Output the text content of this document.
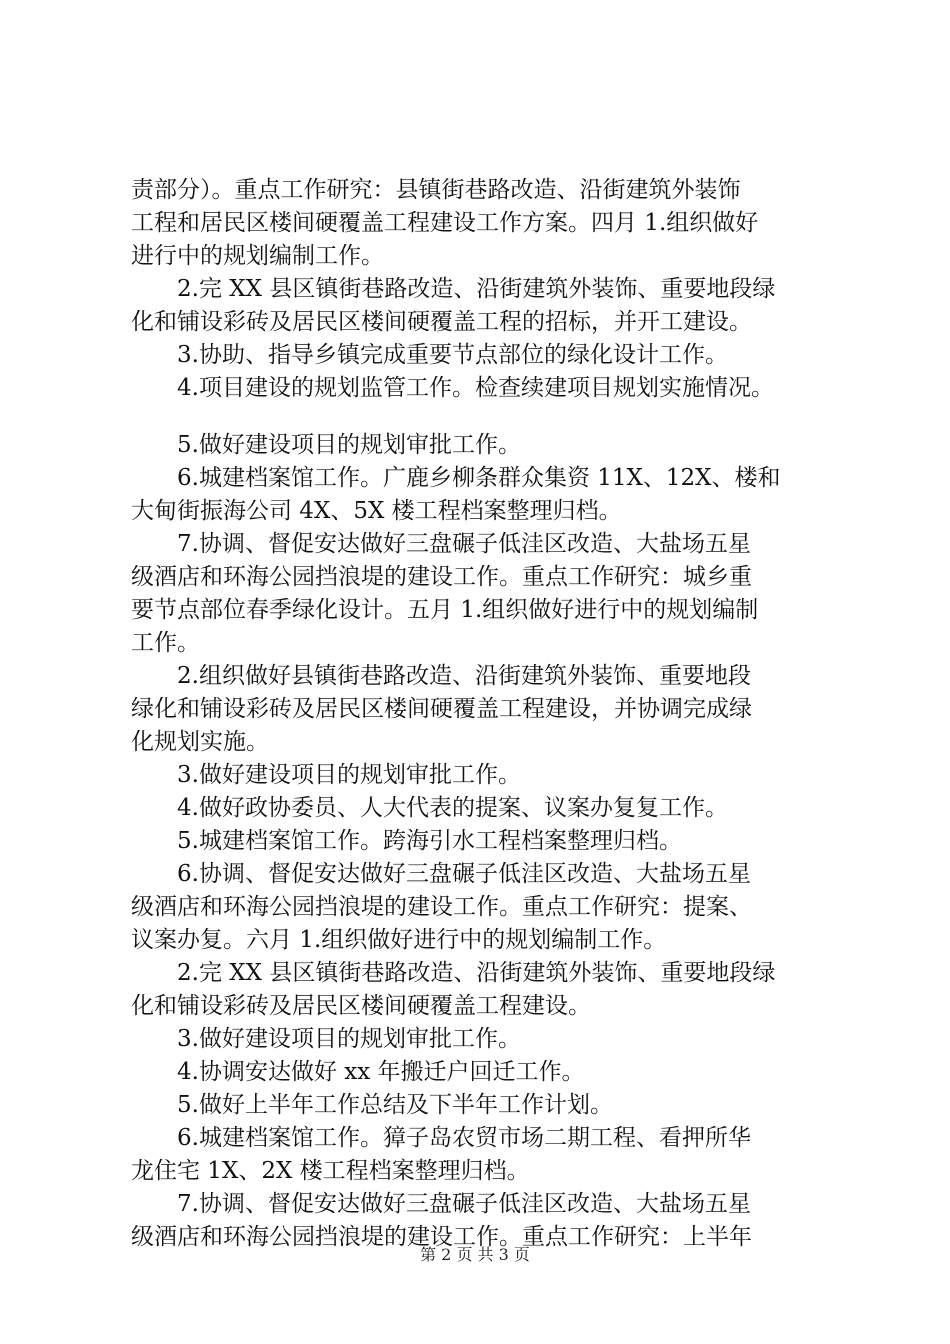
责部分）。重点工作研究：县镇街巷路改造、沿街建筑外装饰
工程和居民区楼间硬覆盖工程建设工作方案。四月 1.组织做好
进行中的规划编制工作。
2.完 XX 县区镇街巷路改造、沿街建筑外装饰、重要地段绿
化和铺设彩砖及居民区楼间硬覆盖工程的招标，并开工建设。
3.协助、指导乡镇完成重要节点部位的绿化设计工作。
4.项目建设的规划监管工作。检查续建项目规划实施情况。
5.做好建设项目的规划审批工作。
6.城建档案馆工作。广鹿乡柳条群众集资 11X、12X、楼和
大甸街振海公司 4X、5X 楼工程档案整理归档。
7.协调、督促安达做好三盘碾子低洼区改造、大盐场五星
级酒店和环海公园挡浪堤的建设工作。重点工作研究：城乡重
要节点部位春季绿化设计。五月 1.组织做好进行中的规划编制
工作。
2.组织做好县镇街巷路改造、沿街建筑外装饰、重要地段
绿化和铺设彩砖及居民区楼间硬覆盖工程建设，并协调完成绿
化规划实施。
3.做好建设项目的规划审批工作。
4.做好政协委员、人大代表的提案、议案办复复工作。
5.城建档案馆工作。跨海引水工程档案整理归档。
6.协调、督促安达做好三盘碾子低洼区改造、大盐场五星
级酒店和环海公园挡浪堤的建设工作。重点工作研究：提案、
议案办复。六月 1.组织做好进行中的规划编制工作。
2.完 XX 县区镇街巷路改造、沿街建筑外装饰、重要地段绿
化和铺设彩砖及居民区楼间硬覆盖工程建设。
3.做好建设项目的规划审批工作。
4.协调安达做好 xx 年搬迁户回迁工作。
5.做好上半年工作总结及下半年工作计划。
6.城建档案馆工作。獐子岛农贸市场二期工程、看押所华
龙住宅 1X、2X 楼工程档案整理归档。
7.协调、督促安达做好三盘碾子低洼区改造、大盐场五星
级酒店和环海公园挡浪堤的建设工作。重点工作研究：上半年
第 2 页 共 3 页
